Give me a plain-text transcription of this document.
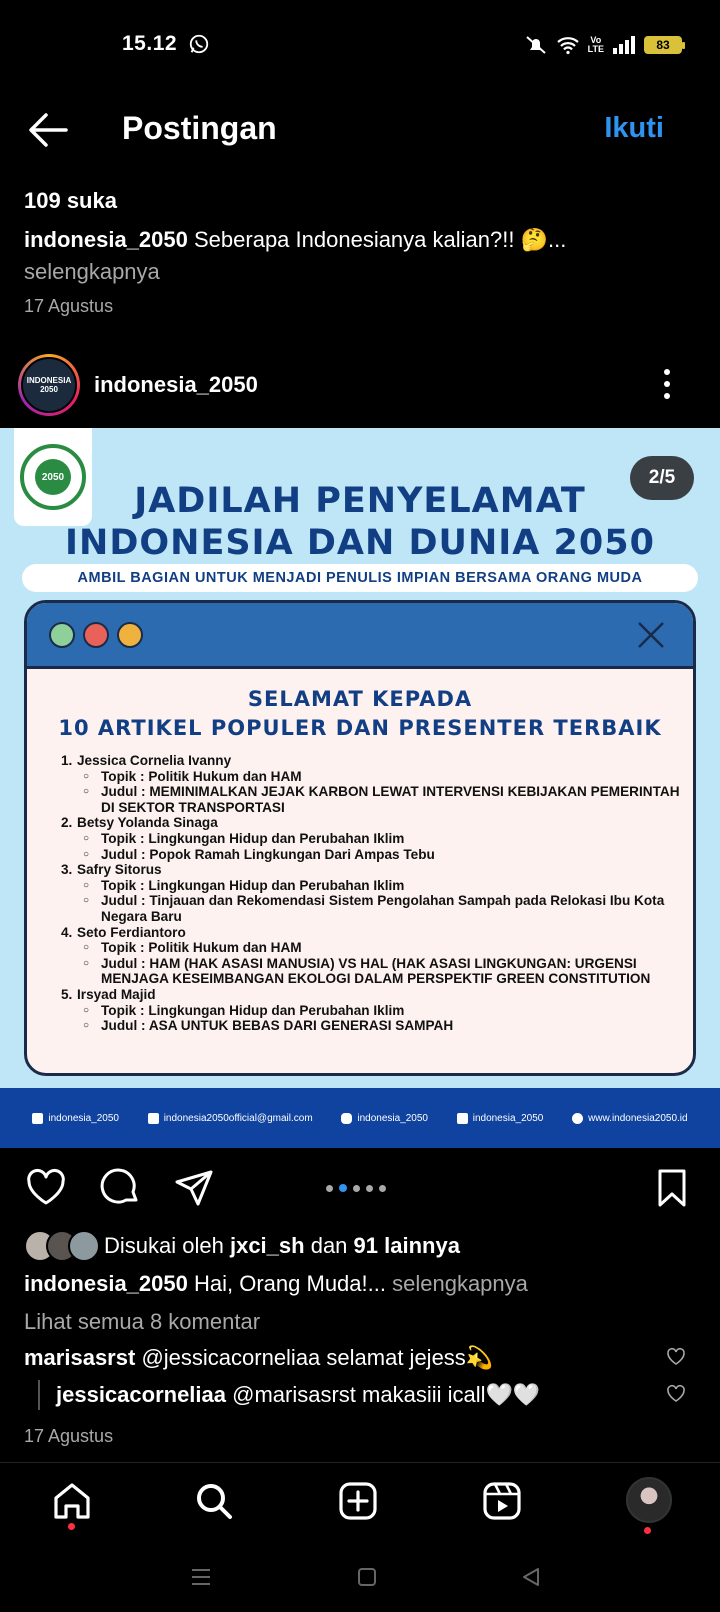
15.12	Vo
LTE	83
Postingan	Ikuti
109 suka
indonesia_2050 Seberapa Indonesianya kalian?!! 🤔...
selengkapnya
17 Agustus
INDONESIA 2050	indonesia_2050
2050	2/5
JADILAH PENYELAMAT
INDONESIA DAN DUNIA 2050
AMBIL BAGIAN UNTUK MENJADI PENULIS IMPIAN BERSAMA ORANG MUDA
SELAMAT KEPADA
10 ARTIKEL POPULER DAN PRESENTER TERBAIK
1. Jessica Cornelia Ivanny
○ Topik : Politik Hukum dan HAM
○ Judul : MEMINIMALKAN JEJAK KARBON LEWAT INTERVENSI KEBIJAKAN PEMERINTAH DI SEKTOR TRANSPORTASI
2. Betsy Yolanda Sinaga
○ Topik : Lingkungan Hidup dan Perubahan Iklim
○ Judul : Popok Ramah Lingkungan Dari Ampas Tebu
3. Safry Sitorus
○ Topik : Lingkungan Hidup dan Perubahan Iklim
○ Judul : Tinjauan dan Rekomendasi Sistem Pengolahan Sampah pada Relokasi Ibu Kota Negara Baru
4. Seto Ferdiantoro
○ Topik : Politik Hukum dan HAM
○ Judul : HAM (HAK ASASI MANUSIA) VS HAL (HAK ASASI LINGKUNGAN: URGENSI MENJAGA KESEIMBANGAN EKOLOGI DALAM PERSPEKTIF GREEN CONSTITUTION
5. Irsyad Majid
○ Topik : Lingkungan Hidup dan Perubahan Iklim
○ Judul : ASA UNTUK BEBAS DARI GENERASI SAMPAH
indonesia_2050	indonesia2050official@gmail.com	indonesia_2050	indonesia_2050	www.indonesia2050.id
Disukai oleh
jxci_sh
dan
91 lainnya
indonesia_2050 Hai, Orang Muda!... selengkapnya
Lihat semua 8 komentar
marisasrst @jessicacorneliaa selamat jejess💫
jessicacorneliaa @marisasrst makasiii icall🤍🤍
17 Agustus
